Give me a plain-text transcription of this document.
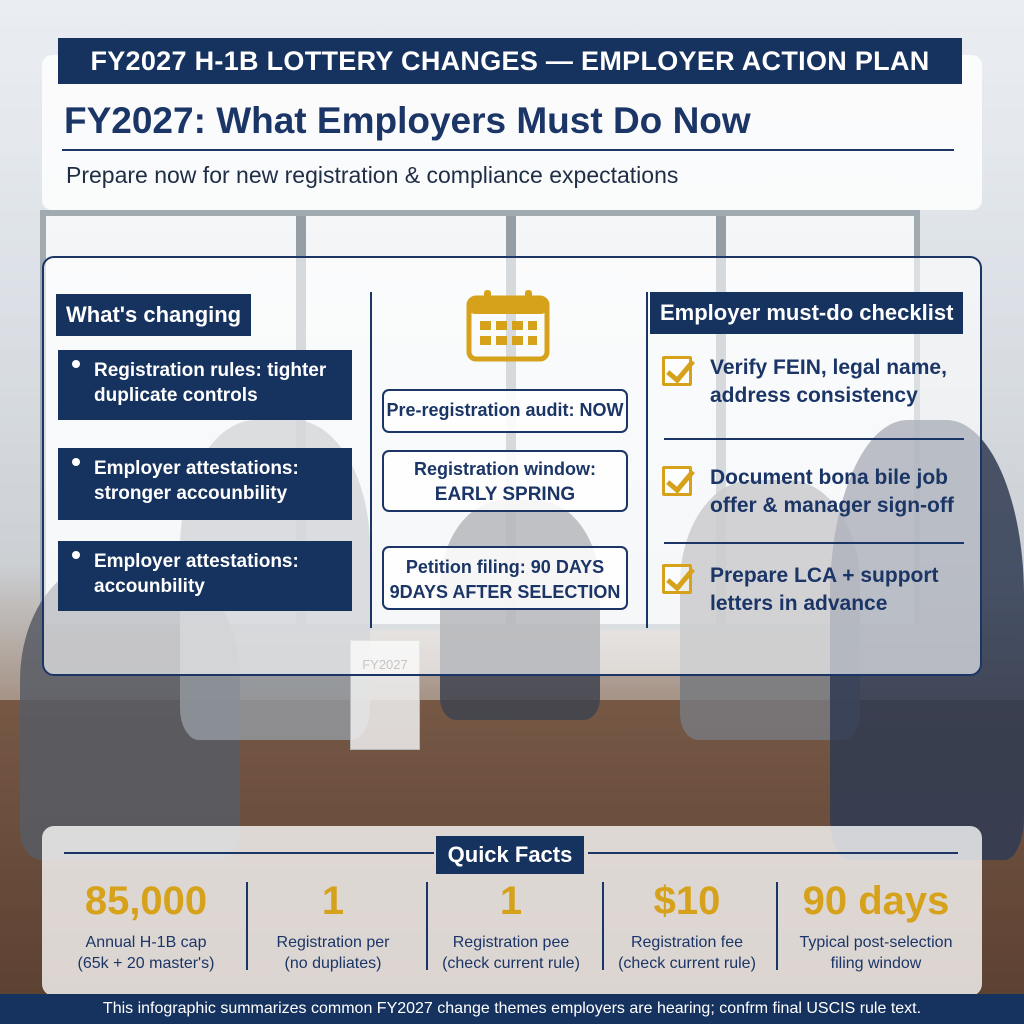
FY2027 H-1B LOTTERY CHANGES — EMPLOYER ACTION PLAN
FY2027: What Employers Must Do Now
Prepare now for new registration & compliance expectations
What's changing
Registration rules: tighter duplicate controls
Employer attestations: stronger accounbility
Employer attestations: accounbility
Pre-registration audit: NOW
Registration window:
EARLY SPRING
Petition filing: 90 DAYS
9DAYS AFTER SELECTION
Employer must-do checklist
Verify FEIN, legal name, address consistency
Document bona bile job offer & manager sign-off
Prepare LCA + support letters in advance
Quick Facts
85,000
Annual H-1B cap
(65k + 20 master's)
1
Registration per
(no dupliates)
1
Registration pee
(check current rule)
$10
Registration fee
(check current rule)
90 days
Typical post-selection
filing window
This infographic summarizes common FY2027 change themes employers are hearing; confrm final USCIS rule text.
